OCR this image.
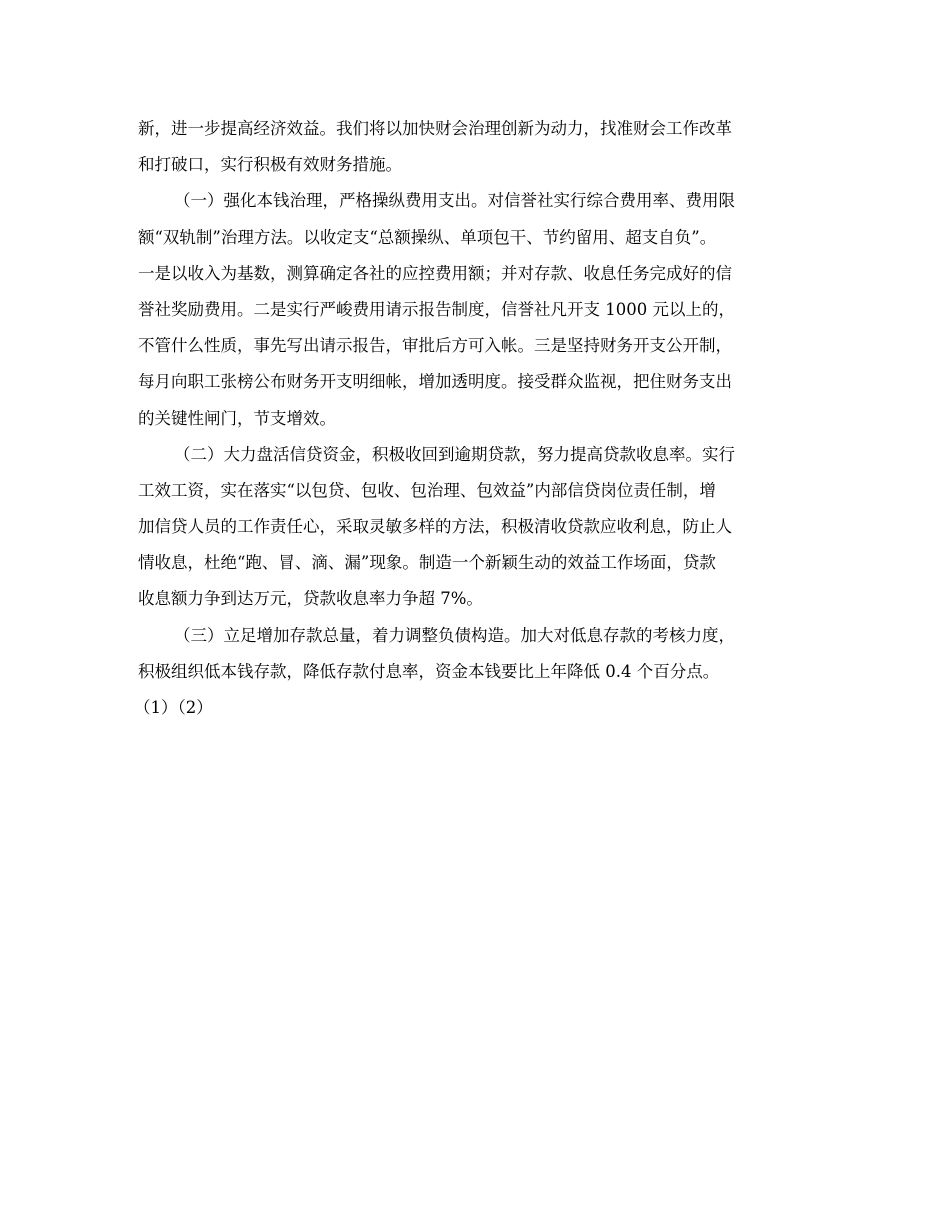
新，进一步提高经济效益。我们将以加快财会治理创新为动力，找准财会工作改革
和打破口，实行积极有效财务措施。
（一）强化本钱治理，严格操纵费用支出。对信誉社实行综合费用率、费用限
额“双轨制”治理方法。以收定支“总额操纵、单项包干、节约留用、超支自负”。
一是以收入为基数，测算确定各社的应控费用额；并对存款、收息任务完成好的信
誉社奖励费用。二是实行严峻费用请示报告制度，信誉社凡开支 1000 元以上的，
不管什么性质，事先写出请示报告，审批后方可入帐。三是坚持财务开支公开制，
每月向职工张榜公布财务开支明细帐，增加透明度。接受群众监视，把住财务支出
的关键性闸门，节支增效。
（二）大力盘活信贷资金，积极收回到逾期贷款，努力提高贷款收息率。实行
工效工资，实在落实“以包贷、包收、包治理、包效益”内部信贷岗位责任制，增
加信贷人员的工作责任心，采取灵敏多样的方法，积极清收贷款应收利息，防止人
情收息，杜绝“跑、冒、滴、漏”现象。制造一个新颖生动的效益工作场面，贷款
收息额力争到达万元，贷款收息率力争超 7%。
（三）立足增加存款总量，着力调整负债构造。加大对低息存款的考核力度，
积极组织低本钱存款，降低存款付息率，资金本钱要比上年降低 0.4 个百分点。
（1）（2）
